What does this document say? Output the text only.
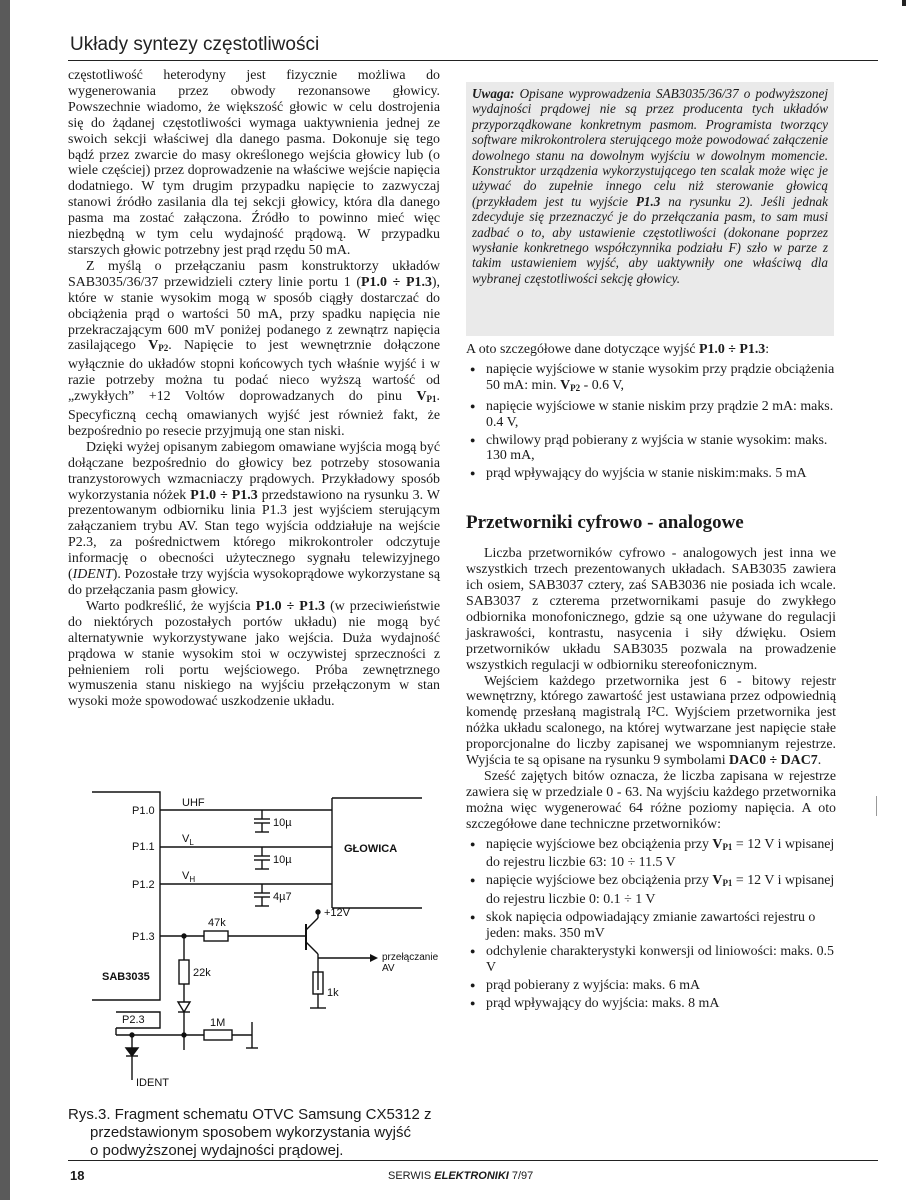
Układy syntezy częstotliwości

częstotliwość heterodyny jest fizycznie możliwa do wygenerowania przez obwody rezonansowe głowicy. Powszechnie wiadomo, że większość głowic w celu dostrojenia się do żądanej częstotliwości wymaga uaktywnienia jednej ze swoich sekcji właściwej dla danego pasma. Dokonuje się tego bądź przez zwarcie do masy określonego wejścia głowicy lub (o wiele częściej) przez doprowadzenie na właściwe wejście napięcia dodatniego. W tym drugim przypadku napięcie to zazwyczaj stanowi źródło zasilania dla tej sekcji głowicy, która dla danego pasma ma zostać załączona. Źródło to powinno mieć więc niezbędną w tym celu wydajność prądową. W przypadku starszych głowic potrzebny jest prąd rzędu 50 mA.

Z myślą o przełączaniu pasm konstruktorzy układów SAB3035/36/37 przewidzieli cztery linie portu 1 (P1.0 ÷ P1.3), które w stanie wysokim mogą w sposób ciągły dostarczać do obciążenia prąd o wartości 50 mA, przy spadku napięcia nie przekraczającym 600 mV poniżej podanego z zewnątrz napięcia zasilającego $V_{P2}$. Napięcie to jest wewnętrznie dołączone wyłącznie do układów stopni końcowych tych właśnie wyjść i w razie potrzeby można tu podać nieco wyższą wartość od „zwykłych” +12 Voltów doprowadzanych do pinu $V_{P1}$. Specyficzną cechą omawianych wyjść jest również fakt, że bezpośrednio po resecie przyjmują one stan niski.

Dzięki wyżej opisanym zabiegom omawiane wyjścia mogą być dołączane bezpośrednio do głowicy bez potrzeby stosowania tranzystorowych wzmacniaczy prądowych. Przykładowy sposób wykorzystania nóżek P1.0 ÷ P1.3 przedstawiono na rysunku 3. W prezentowanym odbiorniku linia P1.3 jest wyjściem sterującym załączaniem trybu AV. Stan tego wyjścia oddziałuje na wejście P2.3, za pośrednictwem którego mikrokontroler odczytuje informację o obecności użytecznego sygnału telewizyjnego (IDENT). Pozostałe trzy wyjścia wysokoprądowe wykorzystane są do przełączania pasm głowicy.

Warto podkreślić, że wyjścia P1.0 ÷ P1.3 (w przeciwieństwie do niektórych pozostałych portów układu) nie mogą być alternatywnie wykorzystywane jako wejścia. Duża wydajność prądowa w stanie wysokim stoi w oczywistej sprzeczności z pełnieniem roli portu wejściowego. Próba zewnętrznego wymuszenia stanu niskiego na wyjściu przełączonym w stan wysoki może spowodować uszkodzenie układu.

Uwaga: Opisane wyprowadzenia SAB3035/36/37 o podwyższonej wydajności prądowej nie są przez producenta tych układów przyporządkowane konkretnym pasmom. Programista tworzący software mikrokontrolera sterującego może powodować załączenie dowolnego stanu na dowolnym wyjściu w dowolnym momencie. Konstruktor urządzenia wykorzystującego ten scalak może więc je używać do zupełnie innego celu niż sterowanie głowicą (przykładem jest tu wyjście P1.3 na rysunku 2). Jeśli jednak zdecyduje się przeznaczyć je do przełączania pasm, to sam musi zadbać o to, aby ustawienie częstotliwości (dokonane poprzez wysłanie konkretnego współczynnika podziału F) szło w parze z takim ustawieniem wyjść, aby uaktywniły one właściwą dla wybranej częstotliwości sekcję głowicy.

A oto szczegółowe dane dotyczące wyjść P1.0 ÷ P1.3:

● napięcie wyjściowe w stanie wysokim przy prądzie obciążenia 50 mA: min. $V_{P2} - 0.6$ V,
● napięcie wyjściowe w stanie niskim przy prądzie 2 mA: maks. 0.4 V,
● chwilowy prąd pobierany z wyjścia w stanie wysokim: maks. 130 mA,
● prąd wpływający do wyjścia w stanie niskim:maks. 5 mA
Przetworniki cyfrowo - analogowe

Liczba przetworników cyfrowo - analogowych jest inna we wszystkich trzech prezentowanych układach. SAB3035 zawiera ich osiem, SAB3037 cztery, zaś SAB3036 nie posiada ich wcale. SAB3037 z czterema przetwornikami pasuje do zwykłego odbiornika monofonicznego, gdzie są one używane do regulacji jaskrawości, kontrastu, nasycenia i siły dźwięku. Osiem przetworników układu SAB3035 pozwala na prowadzenie wszystkich regulacji w odbiorniku stereofonicznym.

Wejściem każdego przetwornika jest 6 - bitowy rejestr wewnętrzny, którego zawartość jest ustawiana przez odpowiednią komendę przesłaną magistralą I²C. Wyjściem przetwornika jest nóżka układu scalonego, na której wytwarzane jest napięcie stałe proporcjonalne do liczby zapisanej we wspomnianym rejestrze. Wyjścia te są opisane na rysunku 9 symbolami DAC0 ÷ DAC7.

Sześć zajętych bitów oznacza, że liczba zapisana w rejestrze zawiera się w przedziale 0 - 63. Na wyjściu każdego przetwornika można więc wygenerować 64 różne poziomy napięcia. A oto szczegółowe dane techniczne przetworników:

● napięcie wyjściowe bez obciążenia przy $V_{P1} = 12$ V i wpisanej do rejestru liczbie 63: 10 ÷ 11.5 V
● napięcie wyjściowe bez obciążenia przy $V_{P1} = 12$ V i wpisanej do rejestru liczbie 0: 0.1 ÷ 1 V
● skok napięcia odpowiadający zmianie zawartości rejestru o jeden: maks. 350 mV
● odchylenie charakterystyki konwersji od liniowości: maks. 0.5 V
● prąd pobierany z wyjścia: maks. 6 mA
● prąd wpływający do wyjścia: maks. 8 mA
P1.0
P1.1
P1.2
P1.3
SAB3035
P2.3
UHF
$V_L$
$V_H$
10µ
10µ
4µ7
GŁOWICA
47k
+12V
przełączanie
AV
1k
22k
1M
IDENT
Rys.3. Fragment schematu OTVC Samsung CX5312 z
przedstawionym sposobem wykorzystania wyjść
o podwyższonej wydajności prądowej.
18	SERWIS ELEKTRONIKI 7/97
